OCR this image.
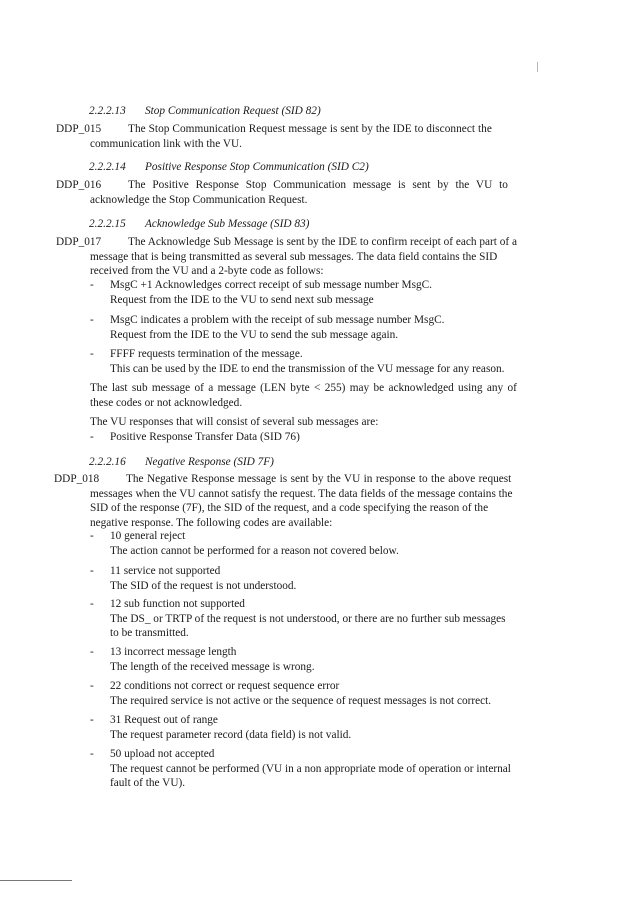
2.2.2.13 Stop Communication Request (SID 82)
DDP_015 The Stop Communication Request message is sent by the IDE to disconnect the
communication link with the VU.
2.2.2.14 Positive Response Stop Communication (SID C2)
DDP_016 The Positive Response Stop Communication message is sent by the VU to
acknowledge the Stop Communication Request.
2.2.2.15 Acknowledge Sub Message (SID 83)
DDP_017 The Acknowledge Sub Message is sent by the IDE to confirm receipt of each part of a
message that is being transmitted as several sub messages. The data field contains the SID
received from the VU and a 2-byte code as follows:
- MsgC +1 Acknowledges correct receipt of sub message number MsgC.
Request from the IDE to the VU to send next sub message
- MsgC indicates a problem with the receipt of sub message number MsgC.
Request from the IDE to the VU to send the sub message again.
- FFFF requests termination of the message.
This can be used by the IDE to end the transmission of the VU message for any reason.
The last sub message of a message (LEN byte < 255) may be acknowledged using any of
these codes or not acknowledged.
The VU responses that will consist of several sub messages are:
- Positive Response Transfer Data (SID 76)
2.2.2.16 Negative Response (SID 7F)
DDP_018 The Negative Response message is sent by the VU in response to the above request
messages when the VU cannot satisfy the request. The data fields of the message contains the
SID of the response (7F), the SID of the request, and a code specifying the reason of the
negative response. The following codes are available:
- 10 general reject
The action cannot be performed for a reason not covered below.
- 11 service not supported
The SID of the request is not understood.
- 12 sub function not supported
The DS_ or TRTP of the request is not understood, or there are no further sub messages
to be transmitted.
- 13 incorrect message length
The length of the received message is wrong.
- 22 conditions not correct or request sequence error
The required service is not active or the sequence of request messages is not correct.
- 31 Request out of range
The request parameter record (data field) is not valid.
- 50 upload not accepted
The request cannot be performed (VU in a non appropriate mode of operation or internal
fault of the VU).
